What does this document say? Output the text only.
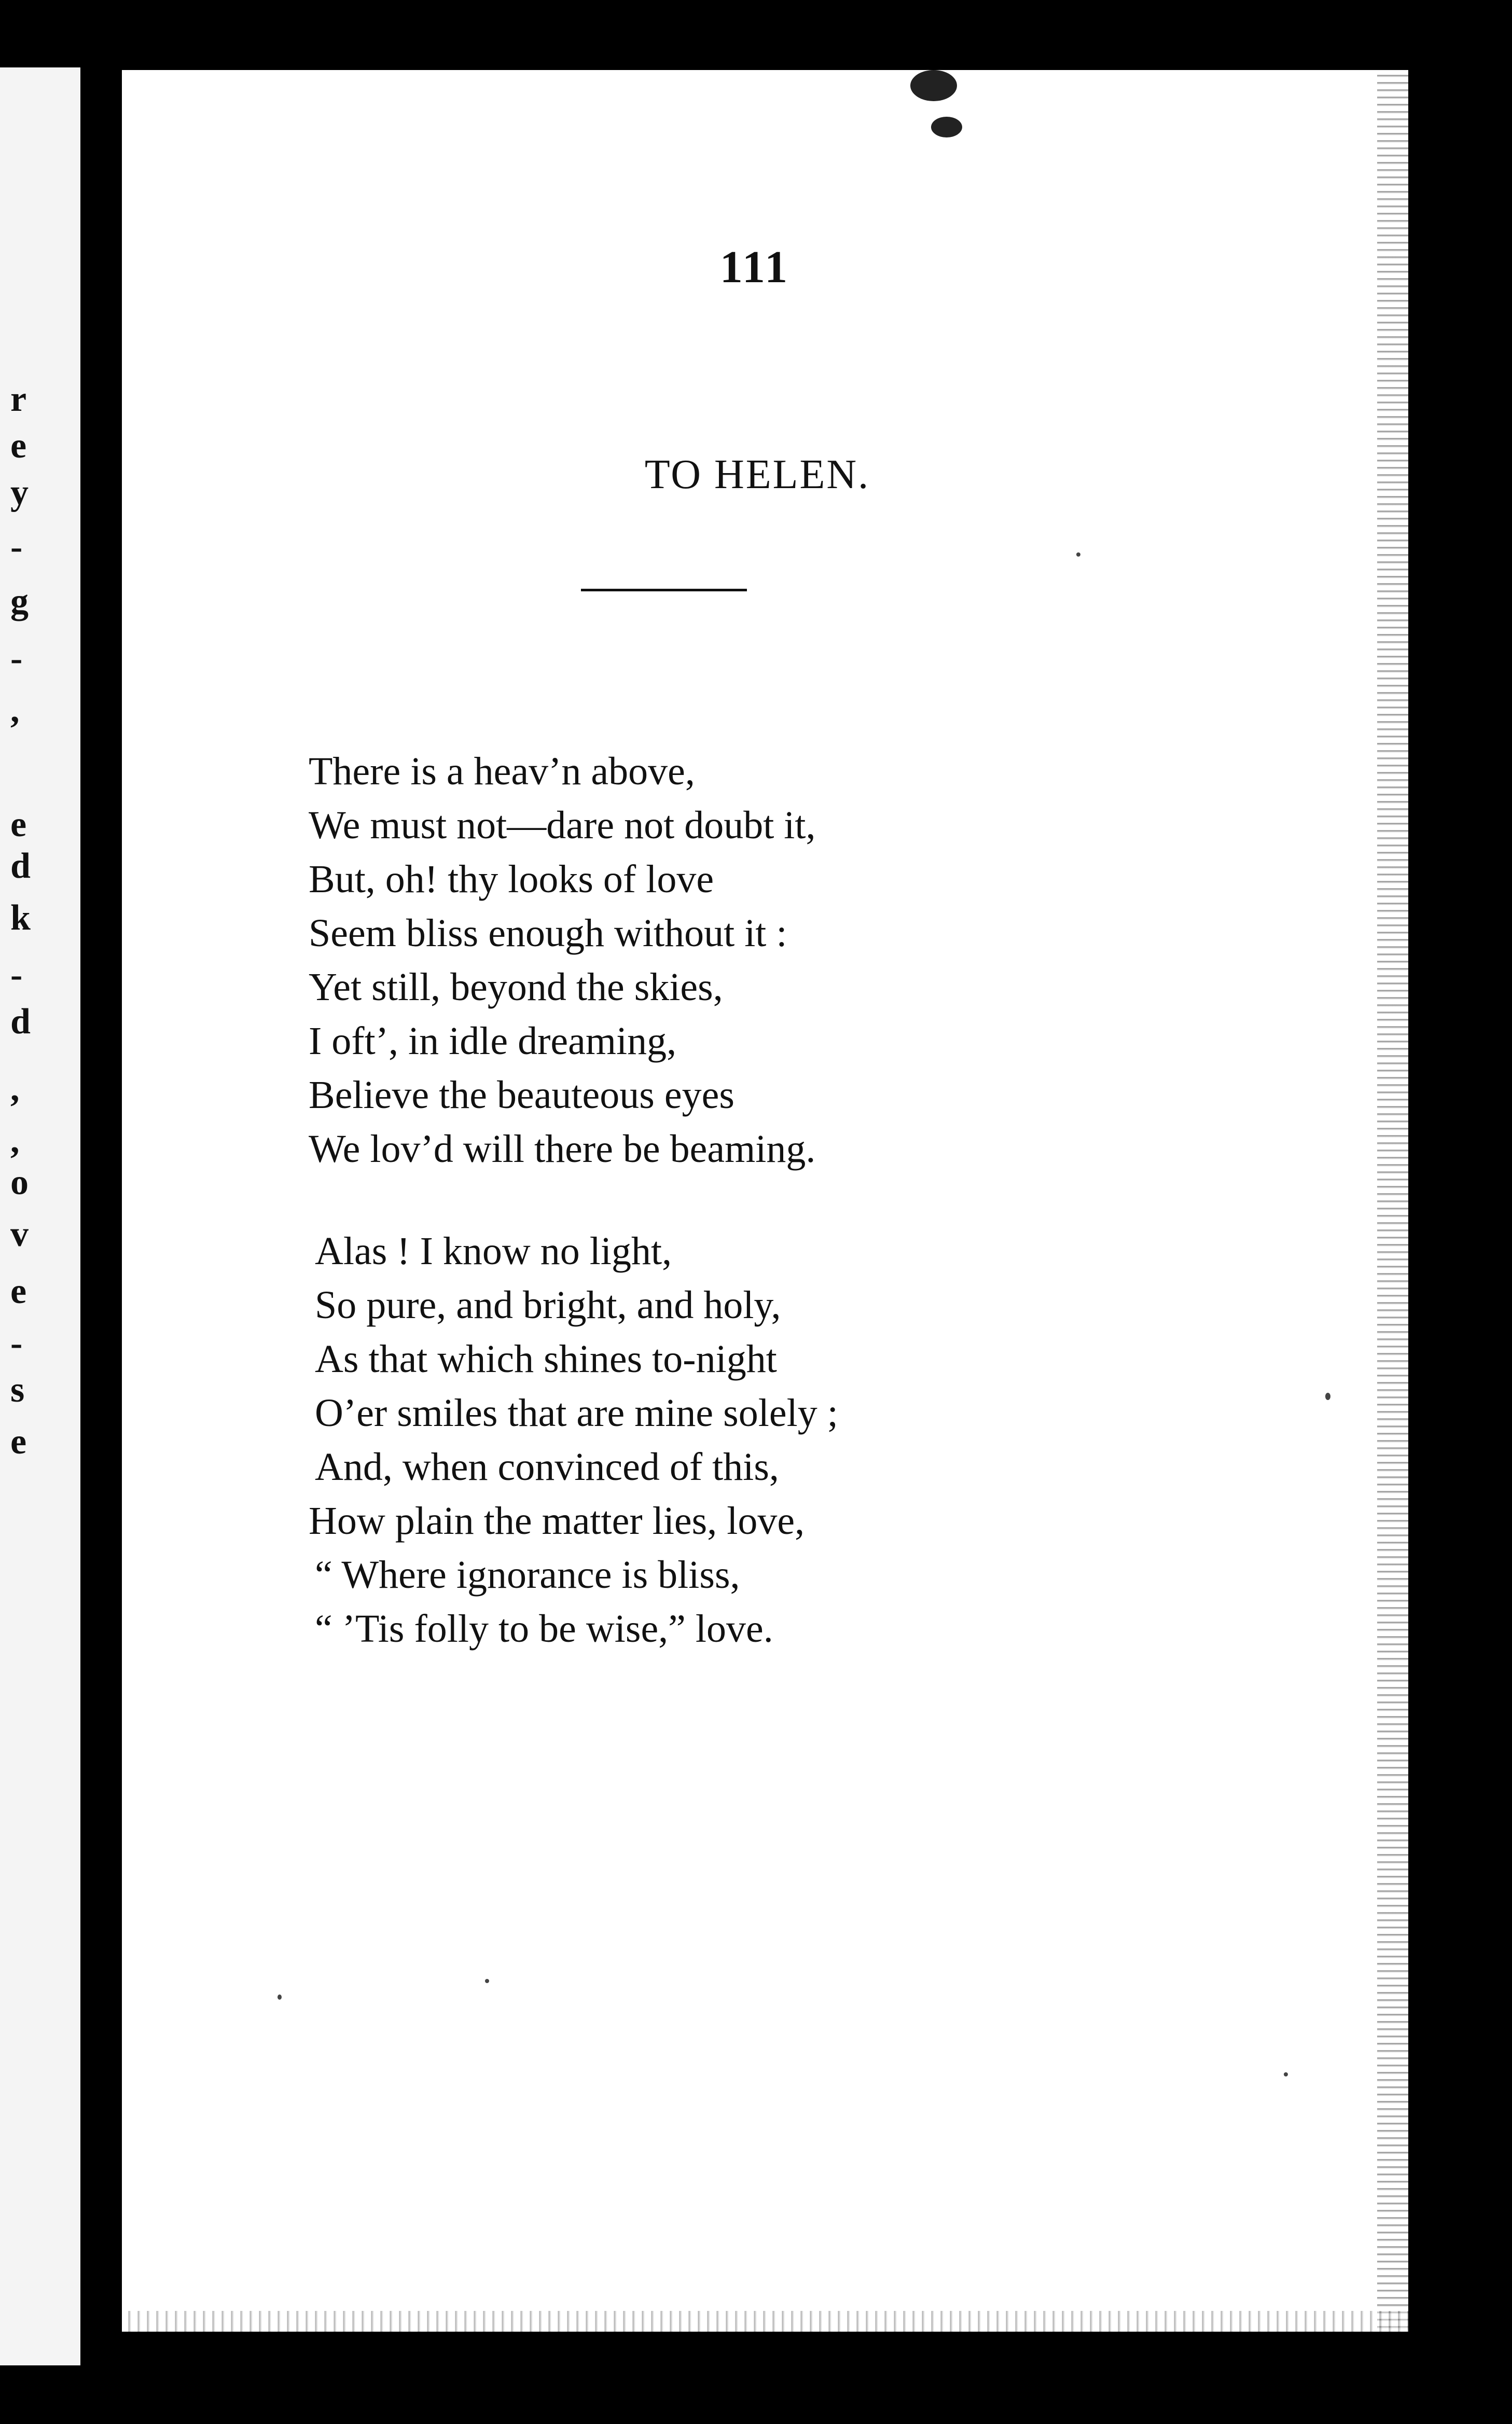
r
e
y
-
g
-
,
e
d
k
-
d
,
,
o
v
e
-
s
e
111
TO HELEN.
There is a heav’n above,
We must not—dare not doubt it,
But, oh! thy looks of love
Seem bliss enough without it :
Yet still, beyond the skies,
I oft’, in idle dreaming,
Believe the beauteous eyes
We lov’d will there be beaming.
Alas ! I know no light,
So pure, and bright, and holy,
As that which shines to-night
O’er smiles that are mine solely ;
And, when convinced of this,
How plain the matter lies, love,
“ Where ignorance is bliss,
“ ’Tis folly to be wise,” love.
